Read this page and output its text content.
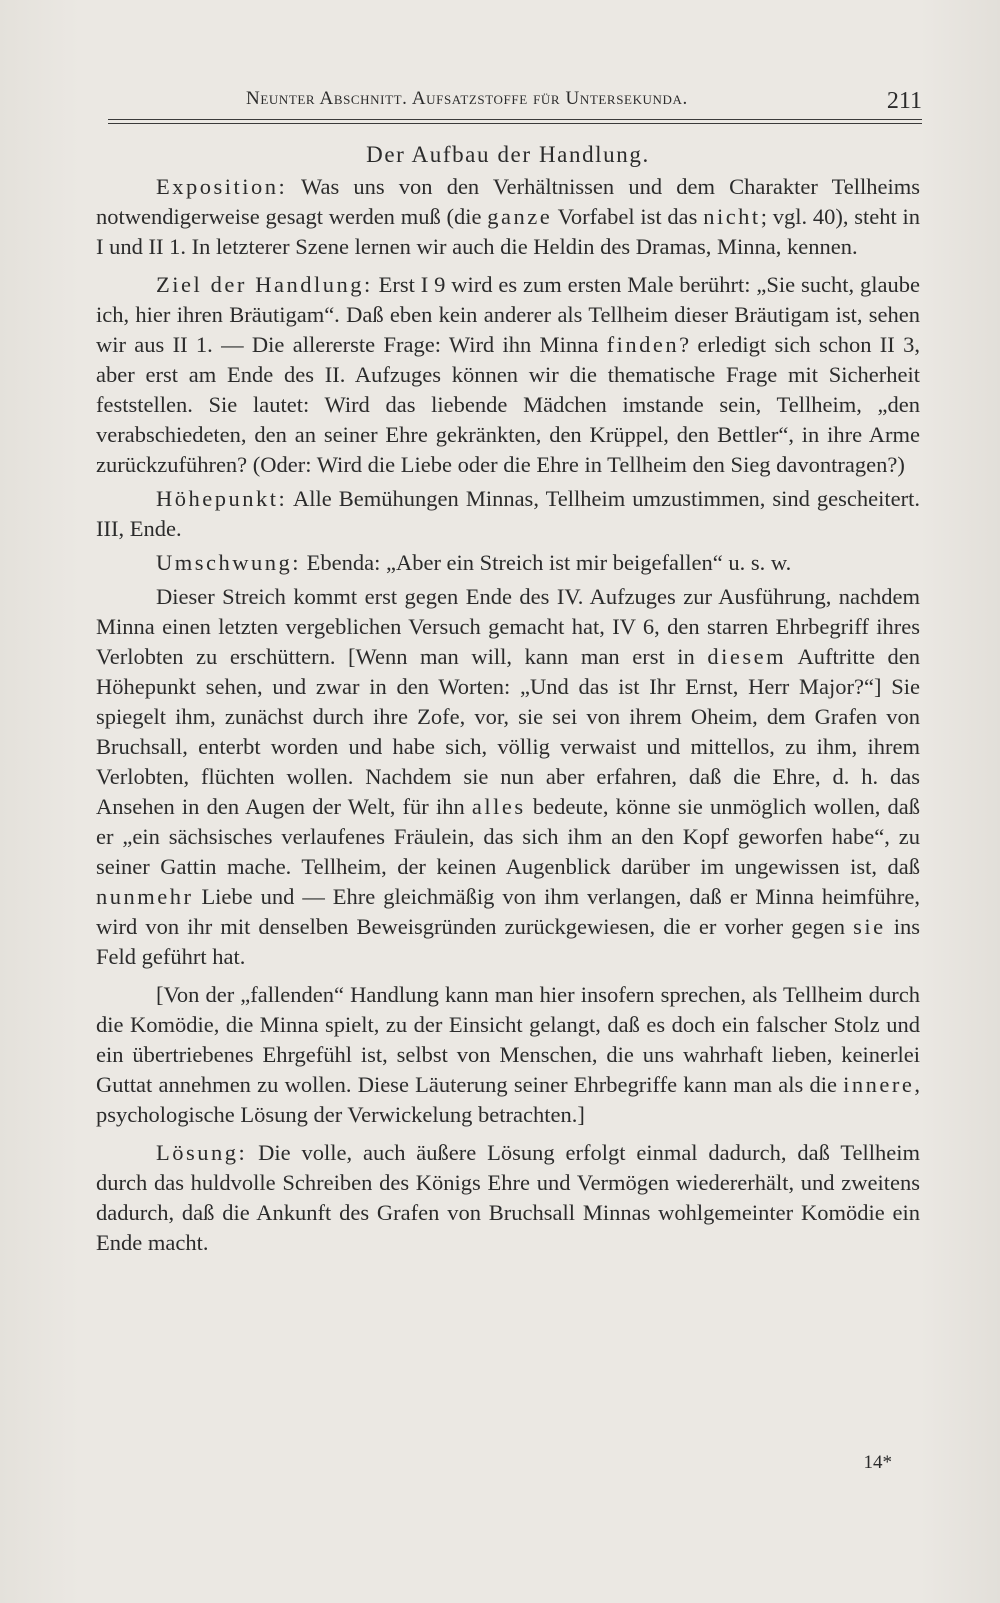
Neunter Abschnitt. Aufsatzstoffe für Untersekunda.	211

Der Aufbau der Handlung.

Exposition: Was uns von den Verhältnissen und dem Charakter Tellheims notwendigerweise gesagt werden muß (die ganze Vorfabel ist das nicht; vgl. 40), steht in I und II 1. In letzterer Szene lernen wir auch die Heldin des Dramas, Minna, kennen.

Ziel der Handlung: Erst I 9 wird es zum ersten Male berührt: „Sie sucht, glaube ich, hier ihren Bräutigam“. Daß eben kein anderer als Tellheim dieser Bräutigam ist, sehen wir aus II 1. — Die allererste Frage: Wird ihn Minna finden? erledigt sich schon II 3, aber erst am Ende des II. Aufzuges können wir die thematische Frage mit Sicherheit feststellen. Sie lautet: Wird das liebende Mädchen imstande sein, Tellheim, „den verabschiedeten, den an seiner Ehre gekränkten, den Krüppel, den Bettler“, in ihre Arme zurückzuführen? (Oder: Wird die Liebe oder die Ehre in Tellheim den Sieg davontragen?)

Höhepunkt: Alle Bemühungen Minnas, Tellheim umzustimmen, sind gescheitert. III, Ende.

Umschwung: Ebenda: „Aber ein Streich ist mir beigefallen“ u. s. w.

Dieser Streich kommt erst gegen Ende des IV. Aufzuges zur Ausführung, nachdem Minna einen letzten vergeblichen Versuch gemacht hat, IV 6, den starren Ehrbegriff ihres Verlobten zu erschüttern. [Wenn man will, kann man erst in diesem Auftritte den Höhepunkt sehen, und zwar in den Worten: „Und das ist Ihr Ernst, Herr Major?“] Sie spiegelt ihm, zunächst durch ihre Zofe, vor, sie sei von ihrem Oheim, dem Grafen von Bruchsall, enterbt worden und habe sich, völlig verwaist und mittellos, zu ihm, ihrem Verlobten, flüchten wollen. Nachdem sie nun aber erfahren, daß die Ehre, d. h. das Ansehen in den Augen der Welt, für ihn alles bedeute, könne sie unmöglich wollen, daß er „ein sächsisches verlaufenes Fräulein, das sich ihm an den Kopf geworfen habe“, zu seiner Gattin mache. Tellheim, der keinen Augenblick darüber im ungewissen ist, daß nunmehr Liebe und — Ehre gleichmäßig von ihm verlangen, daß er Minna heimführe, wird von ihr mit denselben Beweisgründen zurückgewiesen, die er vorher gegen sie ins Feld geführt hat.

[Von der „fallenden“ Handlung kann man hier insofern sprechen, als Tellheim durch die Komödie, die Minna spielt, zu der Einsicht gelangt, daß es doch ein falscher Stolz und ein übertriebenes Ehrgefühl ist, selbst von Menschen, die uns wahrhaft lieben, keinerlei Guttat annehmen zu wollen. Diese Läuterung seiner Ehrbegriffe kann man als die innere, psychologische Lösung der Verwickelung betrachten.]

Lösung: Die volle, auch äußere Lösung erfolgt einmal dadurch, daß Tellheim durch das huldvolle Schreiben des Königs Ehre und Vermögen wiedererhält, und zweitens dadurch, daß die Ankunft des Grafen von Bruchsall Minnas wohlgemeinter Komödie ein Ende macht.

14*
